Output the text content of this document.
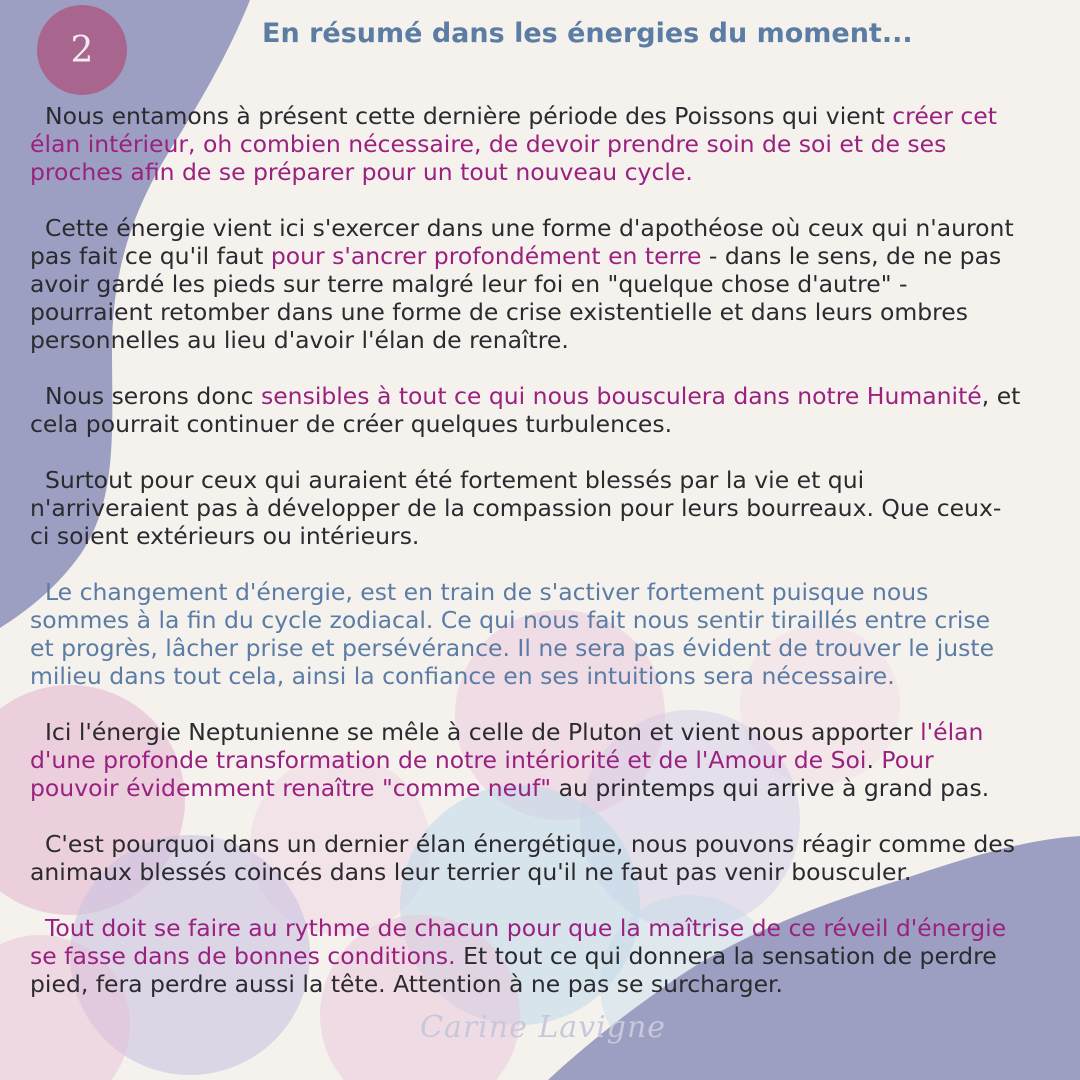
2	En résumé dans les énergies du moment...

Nous entamons à présent cette dernière période des Poissons qui vient créer cet
élan intérieur, oh combien nécessaire, de devoir prendre soin de soi et de ses
proches afin de se préparer pour un tout nouveau cycle.

Cette énergie vient ici s'exercer dans une forme d'apothéose où ceux qui n'auront
pas fait ce qu'il faut pour s'ancrer profondément en terre - dans le sens, de ne pas
avoir gardé les pieds sur terre malgré leur foi en "quelque chose d'autre" -
pourraient retomber dans une forme de crise existentielle et dans leurs ombres
personnelles au lieu d'avoir l'élan de renaître.

Nous serons donc sensibles à tout ce qui nous bousculera dans notre Humanité, et
cela pourrait continuer de créer quelques turbulences.

Surtout pour ceux qui auraient été fortement blessés par la vie et qui
n'arriveraient pas à développer de la compassion pour leurs bourreaux. Que ceux-
ci soient extérieurs ou intérieurs.

Le changement d'énergie, est en train de s'activer fortement puisque nous
sommes à la fin du cycle zodiacal. Ce qui nous fait nous sentir tiraillés entre crise
et progrès, lâcher prise et persévérance. Il ne sera pas évident de trouver le juste
milieu dans tout cela, ainsi la confiance en ses intuitions sera nécessaire.

Ici l'énergie Neptunienne se mêle à celle de Pluton et vient nous apporter l'élan
d'une profonde transformation de notre intériorité et de l'Amour de Soi. Pour
pouvoir évidemment renaître "comme neuf" au printemps qui arrive à grand pas.

C'est pourquoi dans un dernier élan énergétique, nous pouvons réagir comme des
animaux blessés coincés dans leur terrier qu'il ne faut pas venir bousculer.

Tout doit se faire au rythme de chacun pour que la maîtrise de ce réveil d'énergie
se fasse dans de bonnes conditions. Et tout ce qui donnera la sensation de perdre
pied, fera perdre aussi la tête. Attention à ne pas se surcharger.

Carine Lavigne
